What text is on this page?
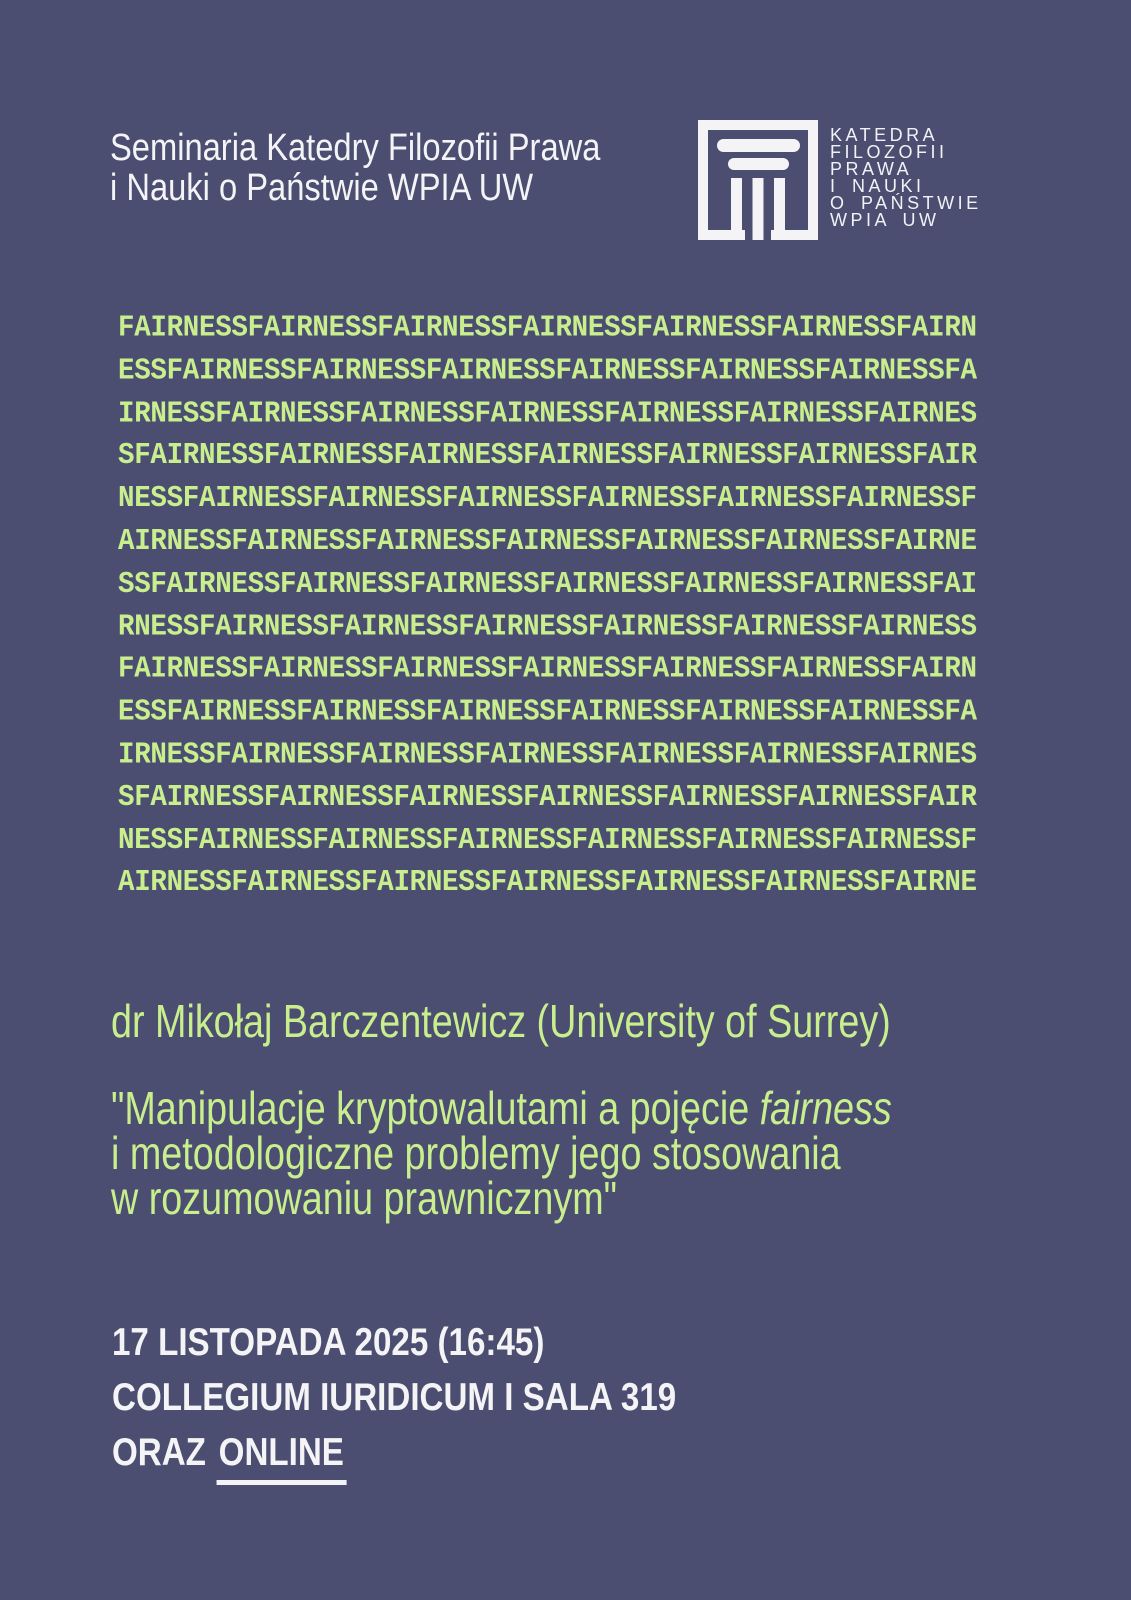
Seminaria Katedry Filozofii Prawa
i Nauki o Państwie WPIA UW
KATEDRA
FILOZOFII
PRAWA
I NAUKI
O PAŃSTWIE
WPIA UW
FAIRNESSFAIRNESSFAIRNESSFAIRNESSFAIRNESSFAIRNESSFAIRN
ESSFAIRNESSFAIRNESSFAIRNESSFAIRNESSFAIRNESSFAIRNESSFA
IRNESSFAIRNESSFAIRNESSFAIRNESSFAIRNESSFAIRNESSFAIRNES
SFAIRNESSFAIRNESSFAIRNESSFAIRNESSFAIRNESSFAIRNESSFAIR
NESSFAIRNESSFAIRNESSFAIRNESSFAIRNESSFAIRNESSFAIRNESSF
AIRNESSFAIRNESSFAIRNESSFAIRNESSFAIRNESSFAIRNESSFAIRNE
SSFAIRNESSFAIRNESSFAIRNESSFAIRNESSFAIRNESSFAIRNESSFAI
RNESSFAIRNESSFAIRNESSFAIRNESSFAIRNESSFAIRNESSFAIRNESS
FAIRNESSFAIRNESSFAIRNESSFAIRNESSFAIRNESSFAIRNESSFAIRN
ESSFAIRNESSFAIRNESSFAIRNESSFAIRNESSFAIRNESSFAIRNESSFA
IRNESSFAIRNESSFAIRNESSFAIRNESSFAIRNESSFAIRNESSFAIRNES
SFAIRNESSFAIRNESSFAIRNESSFAIRNESSFAIRNESSFAIRNESSFAIR
NESSFAIRNESSFAIRNESSFAIRNESSFAIRNESSFAIRNESSFAIRNESSF
AIRNESSFAIRNESSFAIRNESSFAIRNESSFAIRNESSFAIRNESSFAIRNE
dr Mikołaj Barczentewicz (University of Surrey)
"Manipulacje kryptowalutami a pojęcie fairness
i metodologiczne problemy jego stosowania
w rozumowaniu prawnicznym"
17 LISTOPADA 2025 (16:45)
COLLEGIUM IURIDICUM I SALA 319
ORAZ ONLINE
